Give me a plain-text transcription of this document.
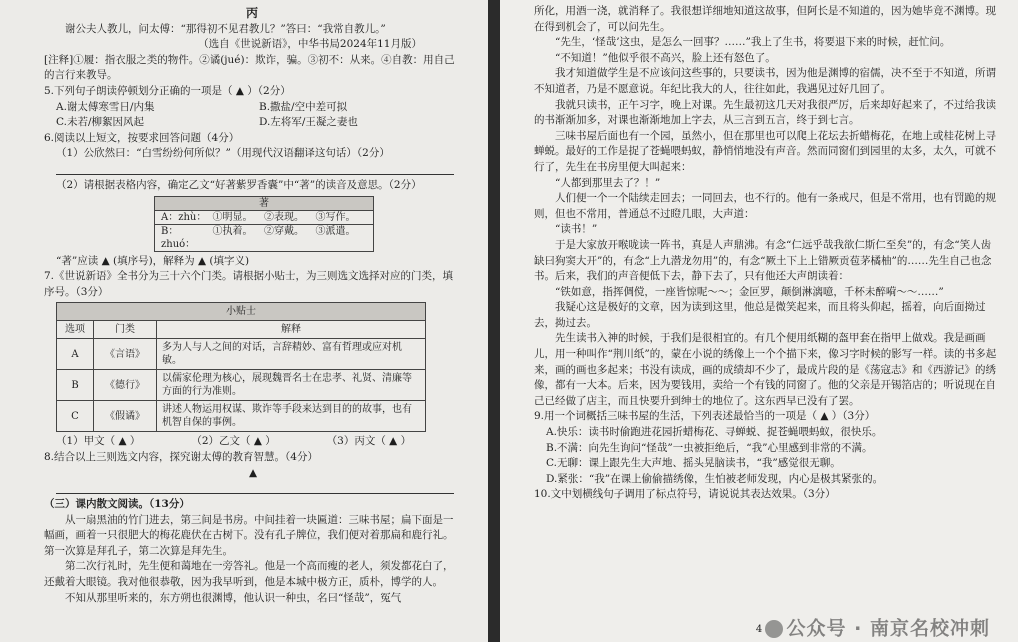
丙

谢公夫人教儿，问太傅：“那得初不见君教儿？”答曰：“我常自教儿。”

（选自《世说新语》，中华书局2024年11月版）

[注释]①履：指衣服之类的物件。②谲(jué)：欺诈，骗。③初不：从来。④自教：用自己的言行来教导。

5.下列句子朗读停顿划分正确的一项是（ ▲ ）（2分）

A.谢太傅寒雪日/内集	B.撒盐/空中差可拟
C.未若/柳絮因风起	D.左将军/王凝之妻也

6.阅读以上短文，按要求回答问题（4分）

（1）公欣然曰：“白雪纷纷何所似？”（用现代汉语翻译这句话）（2分）

（2）请根据表格内容，确定乙文“好著紫罗香囊”中“著”的读音及意思。（2分）

著

A：zhù： ①明显。	②表现。	③写作。

B：zhuó：
①执着。	②穿戴。	③派遣。

“著”应读 ▲ (填序号)，解释为 ▲ (填字义)

7.《世说新语》全书分为三十六个门类。请根据小贴士，为三则选文选择对应的门类，填序号。（3分）

小贴士		
选项	门类	解释
A	《言语》	多为人与人之间的对话，言辞精妙、富有哲理或应对机敏。
B	《德行》	以儒家伦理为核心，展现魏晋名士在忠孝、礼贤、清廉等方面的行为准则。
C	《假谲》	讲述人物运用权谋、欺诈等手段来达到目的的故事，也有机智自保的事例。
（1）甲文（ ▲ ）	（2）乙文（ ▲ ）	（3）丙文（ ▲ ）

8.结合以上三则选文内容，探究谢太傅的教育智慧。（4分）

▲

（三）课内散文阅读。（13分）

从一扇黑油的竹门进去，第三间是书房。中间挂着一块匾道：三味书屋；扁下面是一幅画，画着一只很肥大的梅花鹿伏在古树下。没有孔子牌位，我们便对着那扁和鹿行礼。第一次算是拜孔子，第二次算是拜先生。

第二次行礼时，先生便和蔼地在一旁答礼。他是一个高而瘦的老人，须发都花白了，还戴着大眼镜。我对他很恭敬，因为我早听到，他是本城中极方正，质朴，博学的人。

不知从那里听来的，东方朔也很渊博，他认识一种虫，名曰“怪哉”，冤气

所化，用酒一浇，就消释了。我很想详细地知道这故事，但阿长是不知道的，因为她毕竟不渊博。现在得到机会了，可以问先生。

“先生，‘怪哉’这虫，是怎么一回事？……”我上了生书，将要退下来的时候，赶忙问。

“不知道！”他似乎很不高兴，脸上还有怒色了。

我才知道做学生是不应该问这些事的，只要读书，因为他是渊博的宿儒，决不至于不知道，所谓不知道者，乃是不愿意说。年纪比我大的人，往往如此，我遇见过好几回了。

我就只读书，正午习字，晚上对课。先生最初这几天对我很严厉，后来却好起来了，不过给我读的书渐渐加多，对课也渐渐地加上字去，从三言到五言，终于到七言。

三味书屋后面也有一个园，虽然小，但在那里也可以爬上花坛去折蜡梅花，在地上或桂花树上寻蝉蜕。最好的工作是捉了苍蝇喂蚂蚁，静悄悄地没有声音。然而同窗们到园里的太多，太久，可就不行了，先生在书房里便大叫起来：

“人都到那里去了？！”

人们便一个一个陆续走回去；一同回去，也不行的。他有一条戒尺，但是不常用，也有罚跪的规则，但也不常用，普通总不过瞪几眼，大声道：

“读书！”

于是大家放开喉咙读一阵书，真是人声鼎沸。有念“仁远乎哉我欲仁斯仁至矣”的，有念“笑人齿缺曰狗窦大开”的，有念“上九潜龙勿用”的，有念“厥土下上上错厥贡苞茅橘柚”的……先生自己也念书。后来，我们的声音便低下去，静下去了，只有他还大声朗读着：

“铁如意，指挥倜傥，一座皆惊呢～～；金叵罗，颠倒淋漓噫，千杯未醉嗬～～……”

我疑心这是极好的文章，因为读到这里，他总是微笑起来，而且将头仰起，摇着，向后面拗过去，拗过去。

先生读书入神的时候，于我们是很相宜的。有几个便用纸糊的盔甲套在指甲上做戏。我是画画儿，用一种叫作“荆川纸”的，蒙在小说的绣像上一个个描下来，像习字时候的影写一样。读的书多起来，画的画也多起来；书没有读成，画的成绩却不少了，最成片段的是《荡寇志》和《西游记》的绣像，都有一大本。后来，因为要钱用，卖给一个有钱的同窗了。他的父亲是开锡箔店的；听说现在自己已经做了店主，而且快要升到绅士的地位了。这东西早已没有了罢。

9.用一个词概括三味书屋的生活，下列表述最恰当的一项是（ ▲ ）（3分）

A.快乐：读书时偷跑进花园折蜡梅花、寻蝉蜕、捉苍蝇喂蚂蚁，很快乐。

B.不满：向先生询问“怪哉”一虫被拒绝后，“我”心里感到非常的不满。

C.无聊：课上跟先生大声地、摇头晃脑读书，“我”感觉很无聊。

D.紧张：“我”在课上偷偷描绣像，生怕被老师发现，内心是极其紧张的。

10.文中划横线句子调用了标点符号，请说说其表达效果。（3分）

4	公众号 · 南京名校冲刺
